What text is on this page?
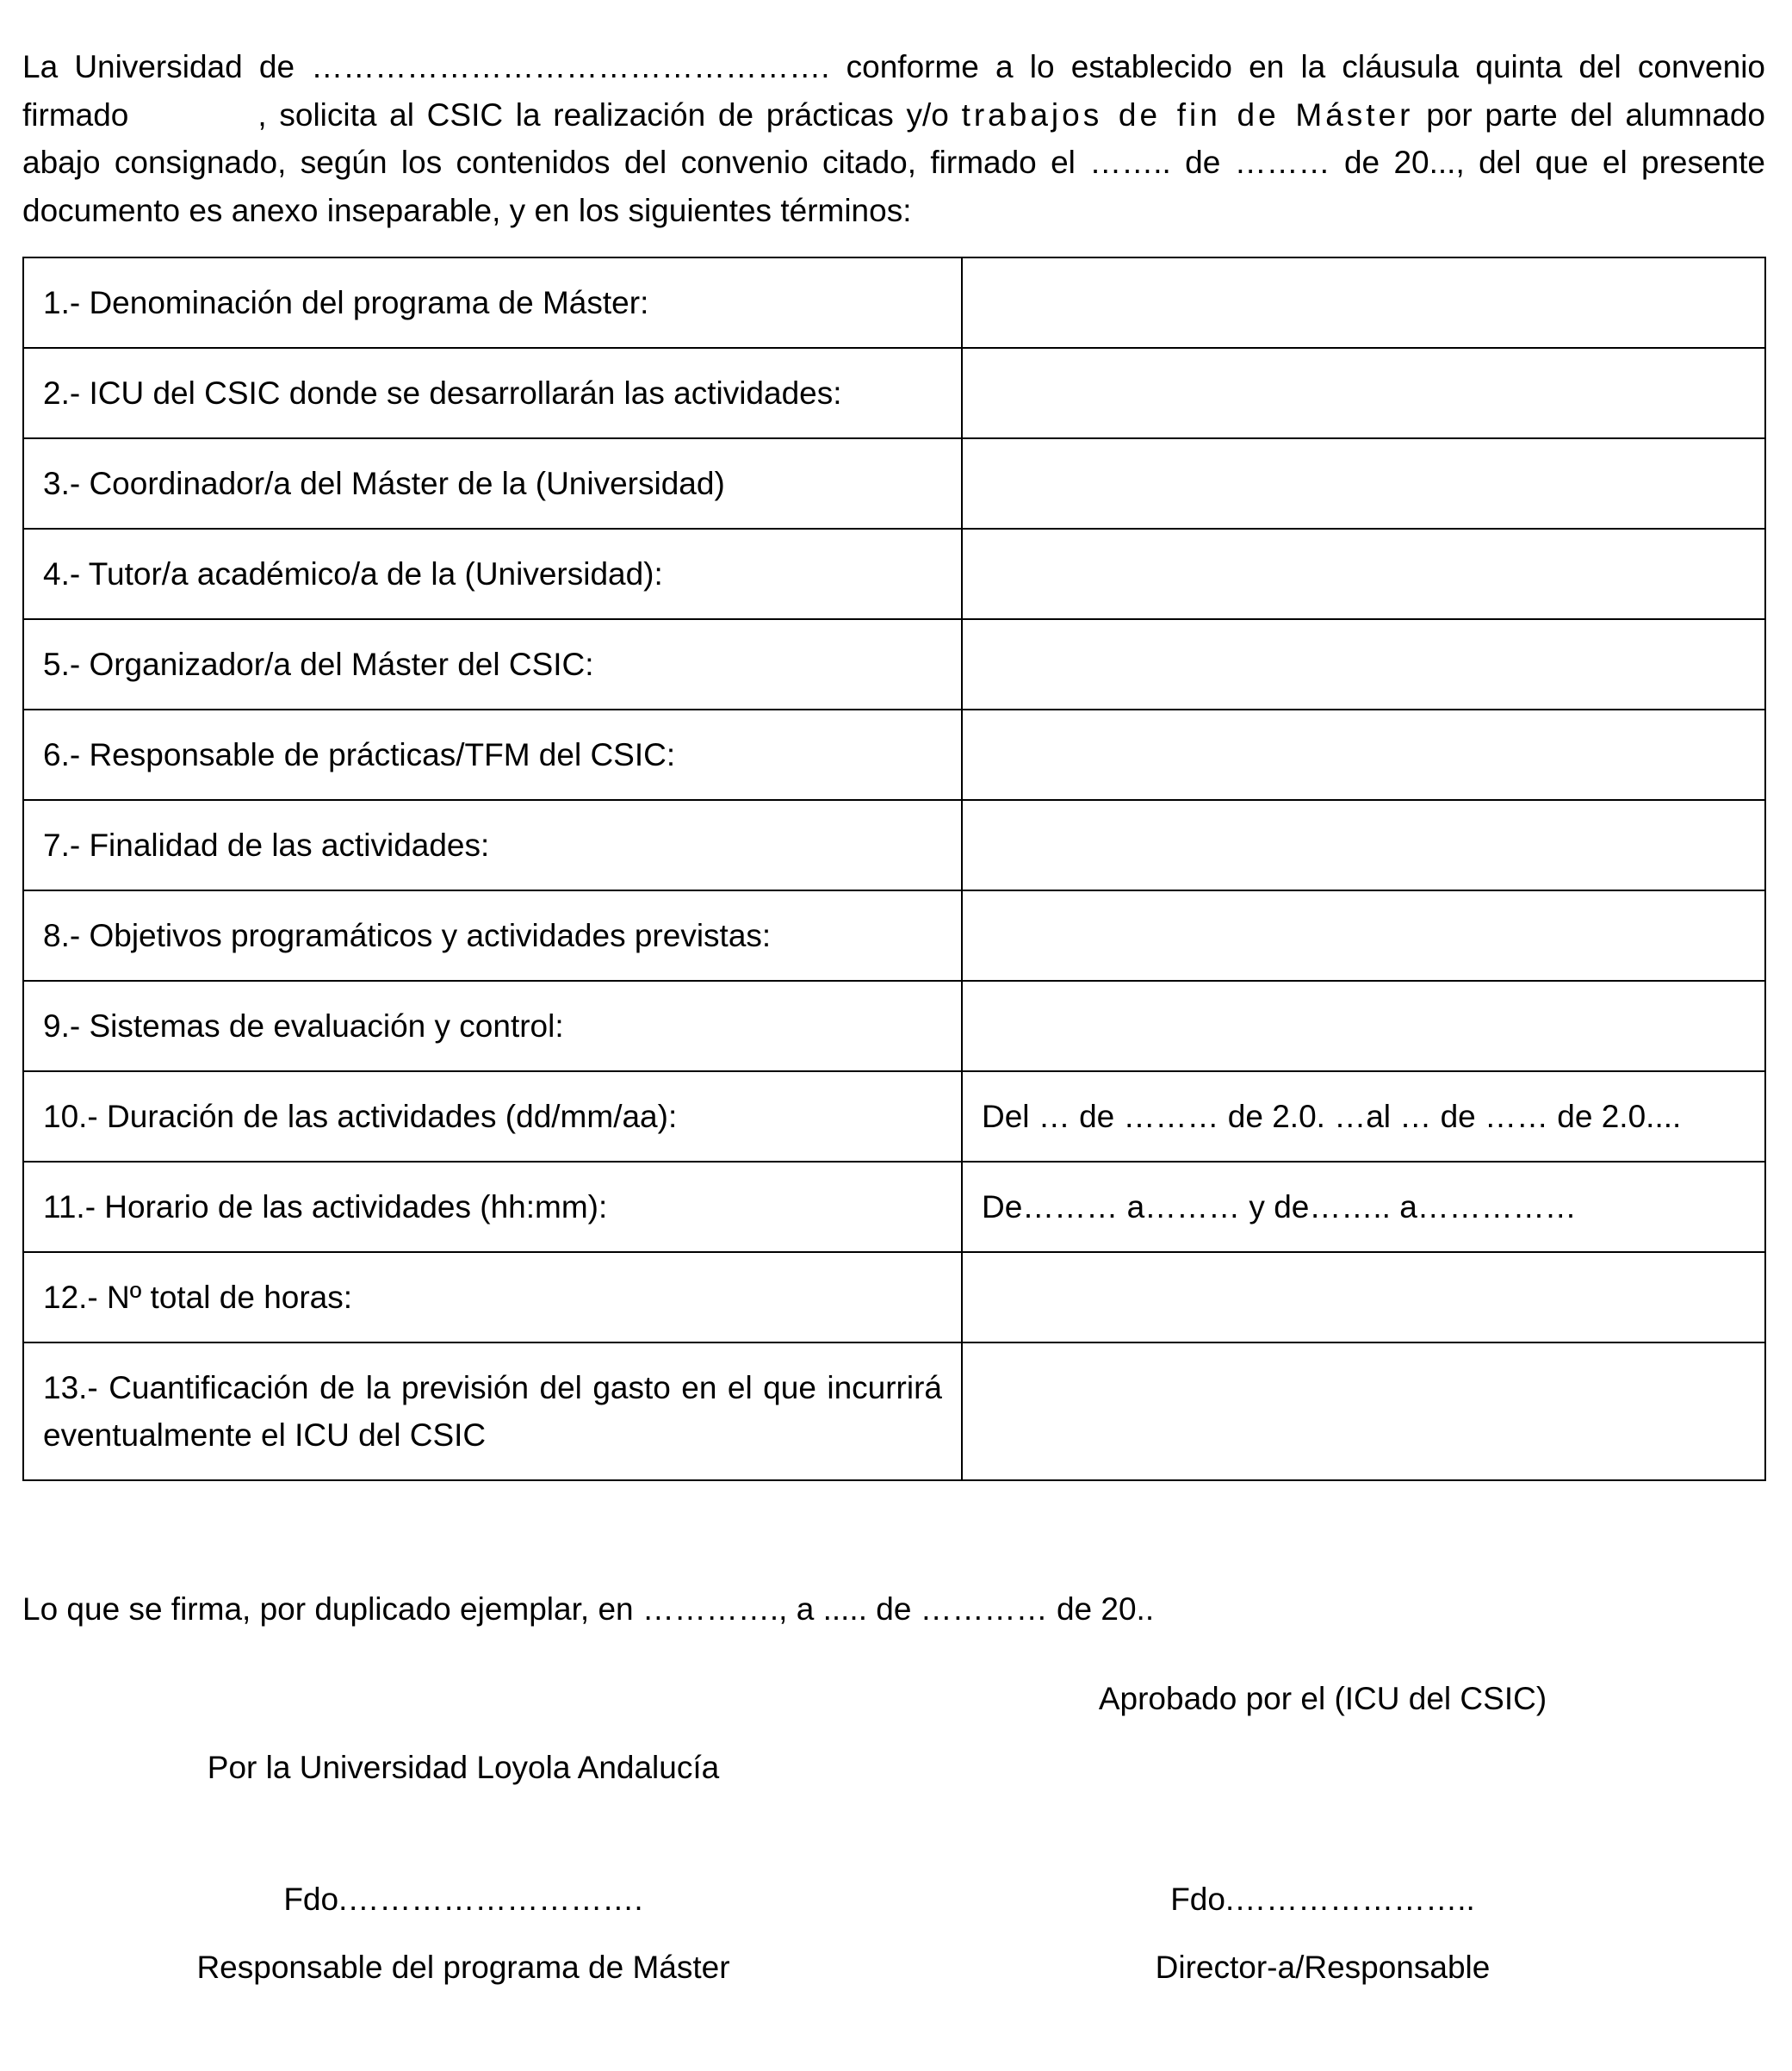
La Universidad de …………………………………………. conforme a lo establecido en la cláusula quinta del convenio firmado	, solicita al CSIC la realización de prácticas y/o trabajos de fin de Máster por parte del alumnado abajo consignado, según los contenidos del convenio citado, firmado el …….. de ……… de 20..., del que el presente documento es anexo inseparable, y en los siguientes términos:
1.- Denominación del programa de Máster:	
2.- ICU del CSIC donde se desarrollarán las actividades:	
3.- Coordinador/a del Máster de la (Universidad)	
4.- Tutor/a académico/a de la (Universidad):	
5.- Organizador/a del Máster del CSIC:	
6.- Responsable de prácticas/TFM del CSIC:	
7.- Finalidad de las actividades:	
8.- Objetivos programáticos y actividades previstas:	
9.- Sistemas de evaluación y control:	
10.- Duración de las actividades (dd/mm/aa):	Del … de ……… de 2.0. …al … de …… de 2.0....
11.- Horario de las actividades (hh:mm):	De……… a……… y de…….. a……………
12.- Nº total de horas:	
13.- Cuantificación de la previsión del gasto en el que incurrirá eventualmente el ICU del CSIC	
Lo que se firma, por duplicado ejemplar, en …………., a ..... de ………… de 20..
Aprobado por el (ICU del CSIC)
Por la Universidad Loyola Andalucía
Fdo.……………………….	Fdo.…………………..
Responsable del programa de Máster	Director-a/Responsable
